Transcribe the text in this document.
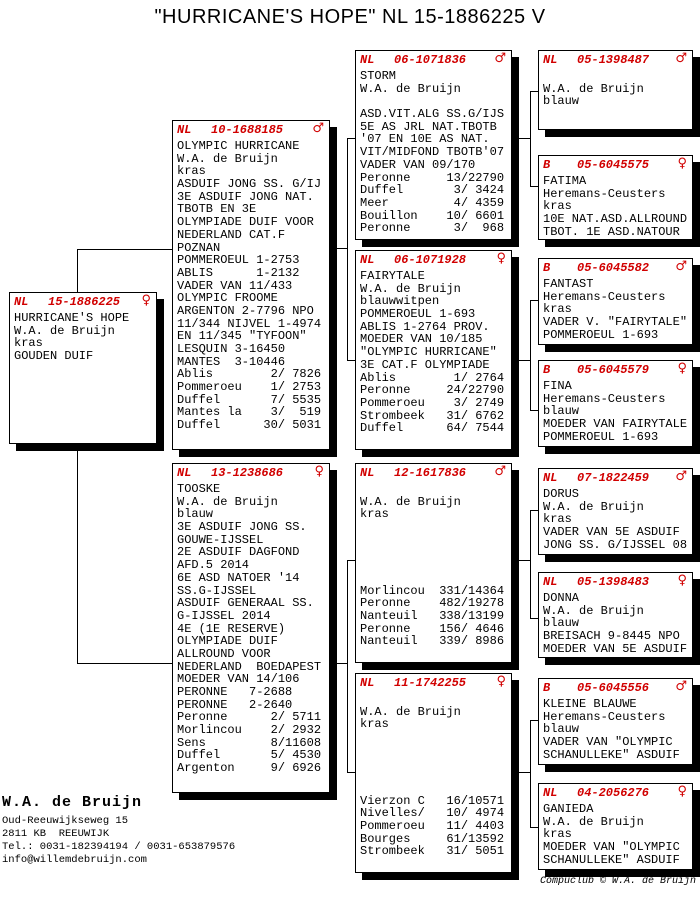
"HURRICANE'S HOPE" NL 15-1886225 V
NL 15-1886225 ♀
HURRICANE'S HOPE
W.A. de Bruijn
kras
GOUDEN DUIF
NL 10-1688185 ♂
OLYMPIC HURRICANE
W.A. de Bruijn
kras
ASDUIF JONG SS. G/IJ
3E ASDUIF JONG NAT.
TBOTB EN 3E
OLYMPIADE DUIF VOOR
NEDERLAND CAT.F
POZNAN
POMMEROEUL 1-2753
ABLIS      1-2132
VADER VAN 11/433
OLYMPIC FROOME
ARGENTON 2-7796 NPO
11/344 NIJVEL 1-4974
EN 11/345 "TYFOON"
LESQUIN 3-16450
MANTES  3-10446
Ablis        2/ 7826
Pommeroeu    1/ 2753
Duffel       7/ 5535
Mantes la    3/  519
Duffel      30/ 5031
NL 13-1238686 ♀
TOOSKE
W.A. de Bruijn
blauw
3E ASDUIF JONG SS.
GOUWE-IJSSEL
2E ASDUIF DAGFOND
AFD.5 2014
6E ASD NATOER '14
SS.G-IJSSEL
ASDUIF GENERAAL SS.
G-IJSSEL 2014
4E (1E RESERVE)
OLYMPIADE DUIF
ALLROUND VOOR
NEDERLAND  BOEDAPEST
MOEDER VAN 14/106
PERONNE   7-2688
PERONNE   2-2640
Peronne      2/ 5711
Morlincou    2/ 2932
Sens         8/11608
Duffel       5/ 4530
Argenton     9/ 6926
NL 06-1071836 ♂
STORM
W.A. de Bruijn
ASD.VIT.ALG SS.G/IJS
5E AS JRL NAT.TBOTB
'07 EN 10E AS NAT.
VIT/MIDFOND TBOTB'07
VADER VAN 09/170
Peronne     13/22790
Duffel       3/ 3424
Meer         4/ 4359
Bouillon    10/ 6601
Peronne      3/  968
NL 06-1071928 ♀
FAIRYTALE
W.A. de Bruijn
blauwwitpen
POMMEROEUL 1-693
ABLIS 1-2764 PROV.
MOEDER VAN 10/185
"OLYMPIC HURRICANE"
3E CAT.F OLYMPIADE
Ablis        1/ 2764
Peronne     24/22790
Pommeroeu    3/ 2749
Strombeek   31/ 6762
Duffel      64/ 7544
NL 12-1617836 ♂
W.A. de Bruijn
kras
Morlincou  331/14364
Peronne    482/19278
Nanteuil   338/13199
Peronne    156/ 4646
Nanteuil   339/ 8986
NL 11-1742255 ♀
W.A. de Bruijn
kras
Vierzon C   16/10571
Nivelles/   10/ 4974
Pommeroeu   11/ 4403
Bourges     61/13592
Strombeek   31/ 5051
NL 05-1398487 ♂
W.A. de Bruijn
blauw
B 05-6045575 ♀
FATIMA
Heremans-Ceusters
kras
10E NAT.ASD.ALLROUND
TBOT. 1E ASD.NATOUR
B 05-6045582 ♂
FANTAST
Heremans-Ceusters
kras
VADER V. "FAIRYTALE"
POMMEROEUL 1-693
B 05-6045579 ♀
FINA
Heremans-Ceusters
blauw
MOEDER VAN FAIRYTALE
POMMEROEUL 1-693
NL 07-1822459 ♂
DORUS
W.A. de Bruijn
kras
VADER VAN 5E ASDUIF
JONG SS. G/IJSSEL 08
NL 05-1398483 ♀
DONNA
W.A. de Bruijn
blauw
BREISACH 9-8445 NPO
MOEDER VAN 5E ASDUIF
B 05-6045556 ♂
KLEINE BLAUWE
Heremans-Ceusters
blauw
VADER VAN "OLYMPIC
SCHANULLEKE" ASDUIF
NL 04-2056276 ♀
GANIEDA
W.A. de Bruijn
kras
MOEDER VAN "OLYMPIC
SCHANULLEKE" ASDUIF
W.A. de Bruijn
Oud-Reeuwijkseweg 15
2811 KB  REEUWIJK
Tel.: 0031-182394194 / 0031-653879576
info@willemdebruijn.com
Compuclub © W.A. de Bruijn
